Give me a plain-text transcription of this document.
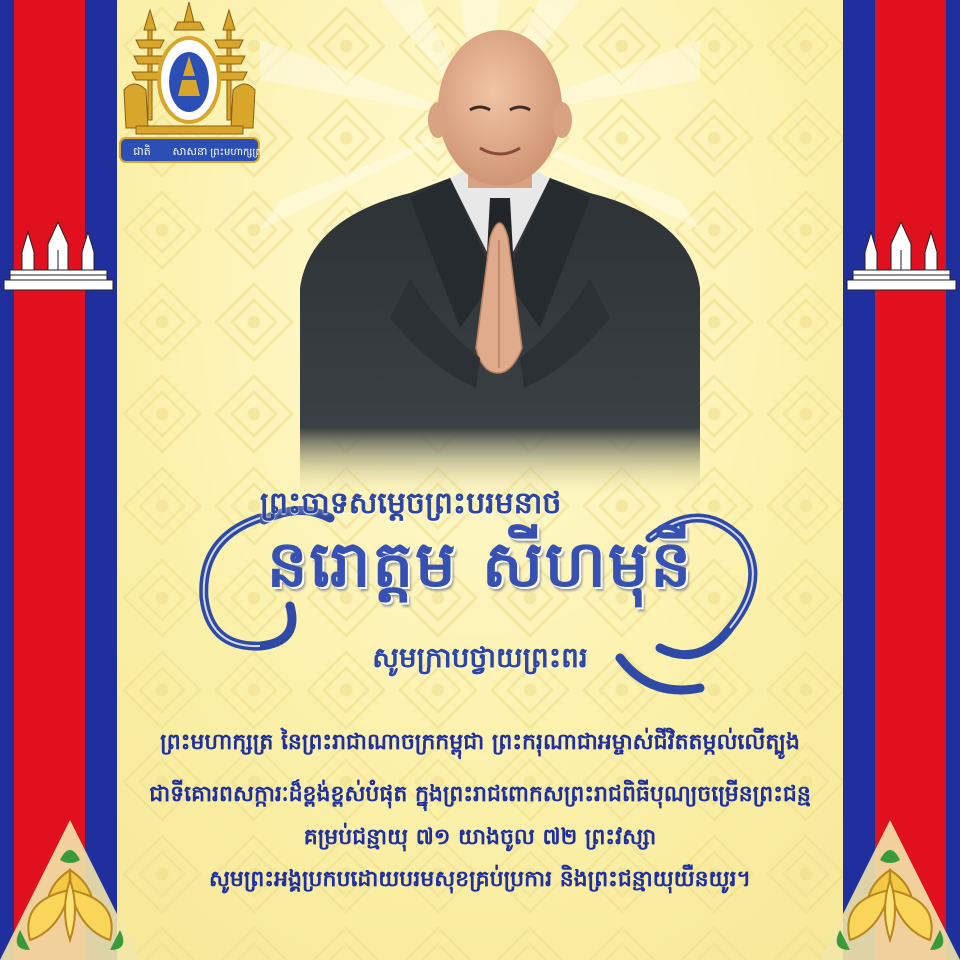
ជាតិ សាសនា ព្រះមហាក្សត្រ
ព្រះចាទសម្តេចព្រះបរមនាថ
នរោត្តម សីហមុនី
សូមក្រាបថ្វាយព្រះពរ
ព្រះមហាក្សត្រ នៃព្រះរាជាណាចក្រកម្ពុជា ព្រះករុណាជាអម្ចាស់ជីវិតតម្កល់លើត្បូង
ជាទីគោរពសក្ការៈដ៏ខ្ពង់ខ្ពស់បំផុត ក្នុងព្រះរាជពោកសព្រះរាជពិធីបុណ្យចម្រើនព្រះជន្ម
គម្រប់ជន្មាយុ ៧១ យាងចូល ៧២ ព្រះវស្សា
សូមព្រះអង្គប្រកបដោយបរមសុខគ្រប់ប្រការ និងព្រះជន្មាយុយឺនយូរ។
